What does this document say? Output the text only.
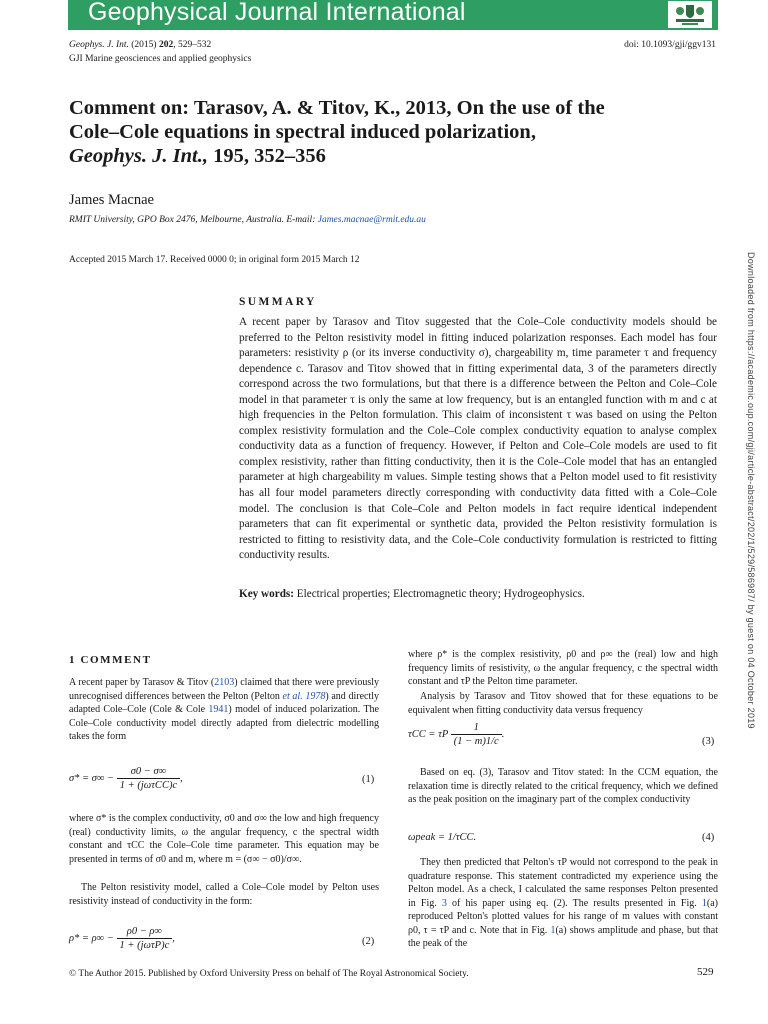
Geophysical Journal International
Geophys. J. Int. (2015) 202, 529–532
GJI Marine geosciences and applied geophysics
doi: 10.1093/gji/ggv131
Comment on: Tarasov, A. & Titov, K., 2013, On the use of the
Cole–Cole equations in spectral induced polarization,
Geophys. J. Int., 195, 352–356
James Macnae
RMIT University, GPO Box 2476, Melbourne, Australia. E-mail: James.macnae@rmit.edu.au
Accepted 2015 March 17. Received 0000 0; in original form 2015 March 12
SUMMARY

A recent paper by Tarasov and Titov suggested that the Cole–Cole conductivity models should be preferred to the Pelton resistivity model in fitting induced polarization responses. Each model has four parameters: resistivity ρ (or its inverse conductivity σ), chargeability m, time parameter τ and frequency dependence c. Tarasov and Titov showed that in fitting experimental data, 3 of the parameters directly correspond across the two formulations, but that there is a difference between the Pelton and Cole–Cole model in that parameter τ is only the same at low frequency, but is an entangled function with m and c at high frequencies in the Pelton formulation. This claim of inconsistent τ was based on using the Pelton complex resistivity formulation and the Cole–Cole complex conductivity equation to analyse complex conductivity data as a function of frequency. However, if Pelton and Cole–Cole models are used to fit complex resistivity, rather than fitting conductivity, then it is the Cole–Cole model that has an entangled parameter at high chargeability m values. Simple testing shows that a Pelton model used to fit resistivity has all four model parameters directly corresponding with conductivity data fitted with a Cole–Cole model. The conclusion is that Cole–Cole and Pelton models in fact require identical independent parameters that can fit experimental or synthetic data, provided the Pelton resistivity formulation is restricted to fitting to resistivity data, and the Cole–Cole conductivity formulation is restricted to fitting conductivity results.

Key words: Electrical properties; Electromagnetic theory; Hydrogeophysics.
1 COMMENT

A recent paper by Tarasov & Titov (2103) claimed that there were previously unrecognised differences between the Pelton (Pelton et al. 1978) and directly adapted Cole–Cole (Cole & Cole 1941) model of induced polarization. The Cole–Cole conductivity model directly adapted from dielectric modelling takes the form

$\sigma* = \sigma\infty - \frac{\sigma 0 - \sigma\infty}{\text{1 + (jωτCC)c}}$ ,	(1)

where σ* is the complex conductivity, σ0 and σ∞ the low and high frequency (real) conductivity limits, ω the angular frequency, c the spectral width constant and τCC the Cole–Cole time parameter. This equation may be presented in terms of σ0 and m, where m = (σ∞ − σ0)/σ∞.

The Pelton resistivity model, called a Cole–Cole model by Pelton uses resistivity instead of conductivity in the form:

$\rho* = \rho\infty - \frac{\rho 0 - \rho\infty}{\text{1 + (jωτP)c}}$ ,	(2)

where ρ* is the complex resistivity, ρ0 and ρ∞ the (real) low and high frequency limits of resistivity, ω the angular frequency, c the spectral width constant and τP the Pelton time parameter.

Analysis by Tarasov and Titov showed that for these equations to be equivalent when fitting conductivity data versus frequency

τCC = τP $\frac{1}{(1 - m)1/c}$ .
(3)

Based on eq. (3), Tarasov and Titov stated: In the CCM equation, the relaxation time is directly related to the critical frequency, which we defined as the peak position on the imaginary part of the complex conductivity

ωpeak = 1/τCC.	(4)

They then predicted that Pelton's τP would not correspond to the peak in quadrature response. This statement contradicted my experience using the Pelton model. As a check, I calculated the same responses Pelton presented in Fig. 3 of his paper using eq. (2). The results presented in Fig. 1(a) reproduced Pelton's plotted values for his range of m values with constant ρ0, τ = τP and c. Note that in Fig. 1(a) shows amplitude and phase, but that the peak of the

© The Author 2015. Published by Oxford University Press on behalf of The Royal Astronomical Society.	529
Downloaded from https://academic.oup.com/gji/article-abstract/202/1/529/586987/ by guest on 04 October 2019
